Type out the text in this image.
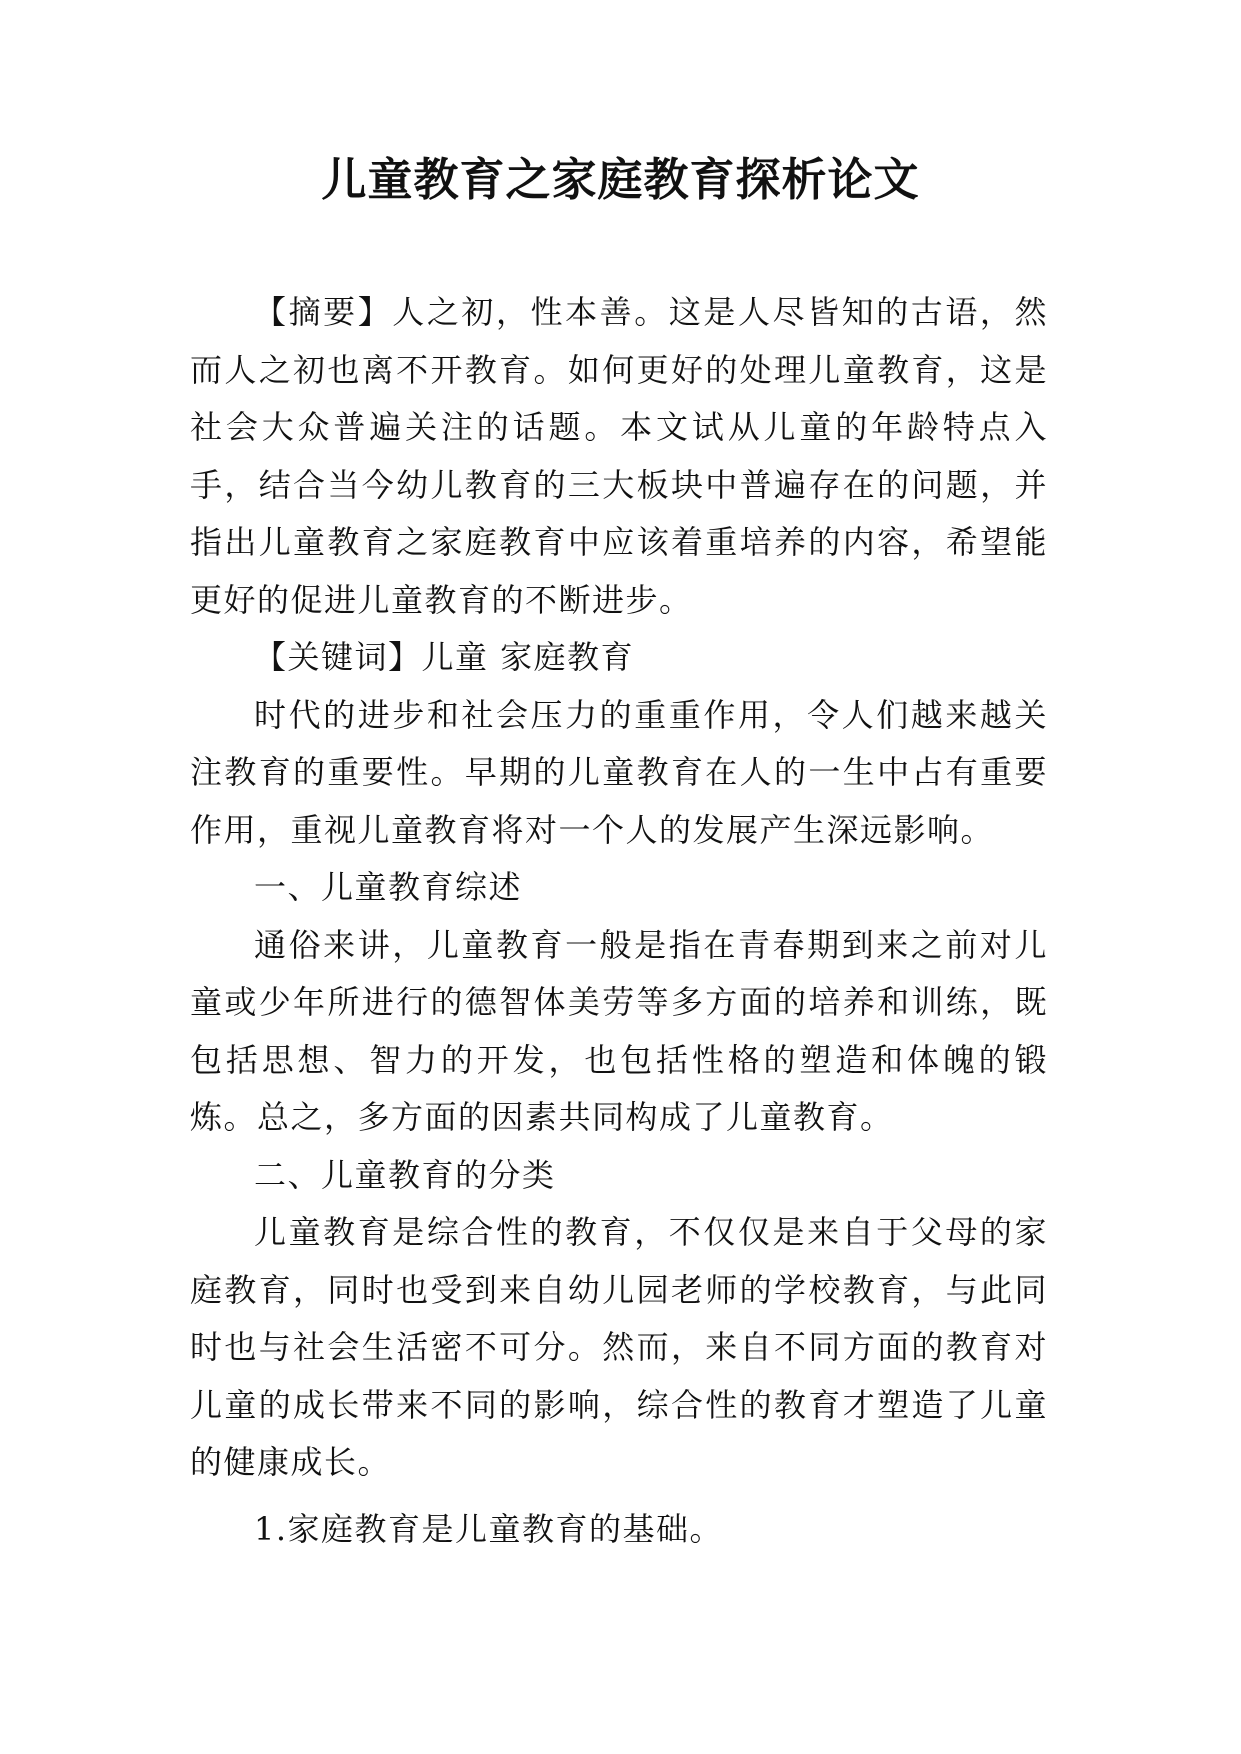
儿童教育之家庭教育探析论文

【摘要】人之初，性本善。这是人尽皆知的古语，然而人之初也离不开教育。如何更好的处理儿童教育，这是社会大众普遍关注的话题。本文试从儿童的年龄特点入手，结合当今幼儿教育的三大板块中普遍存在的问题，并指出儿童教育之家庭教育中应该着重培养的内容，希望能更好的促进儿童教育的不断进步。

【关键词】儿童 家庭教育

时代的进步和社会压力的重重作用，令人们越来越关注教育的重要性。早期的儿童教育在人的一生中占有重要作用，重视儿童教育将对一个人的发展产生深远影响。

一、儿童教育综述

通俗来讲，儿童教育一般是指在青春期到来之前对儿童或少年所进行的德智体美劳等多方面的培养和训练，既包括思想、智力的开发，也包括性格的塑造和体魄的锻炼。总之，多方面的因素共同构成了儿童教育。

二、儿童教育的分类

儿童教育是综合性的教育，不仅仅是来自于父母的家庭教育，同时也受到来自幼儿园老师的学校教育，与此同时也与社会生活密不可分。然而，来自不同方面的教育对儿童的成长带来不同的影响，综合性的教育才塑造了儿童的健康成长。

1.家庭教育是儿童教育的基础。
